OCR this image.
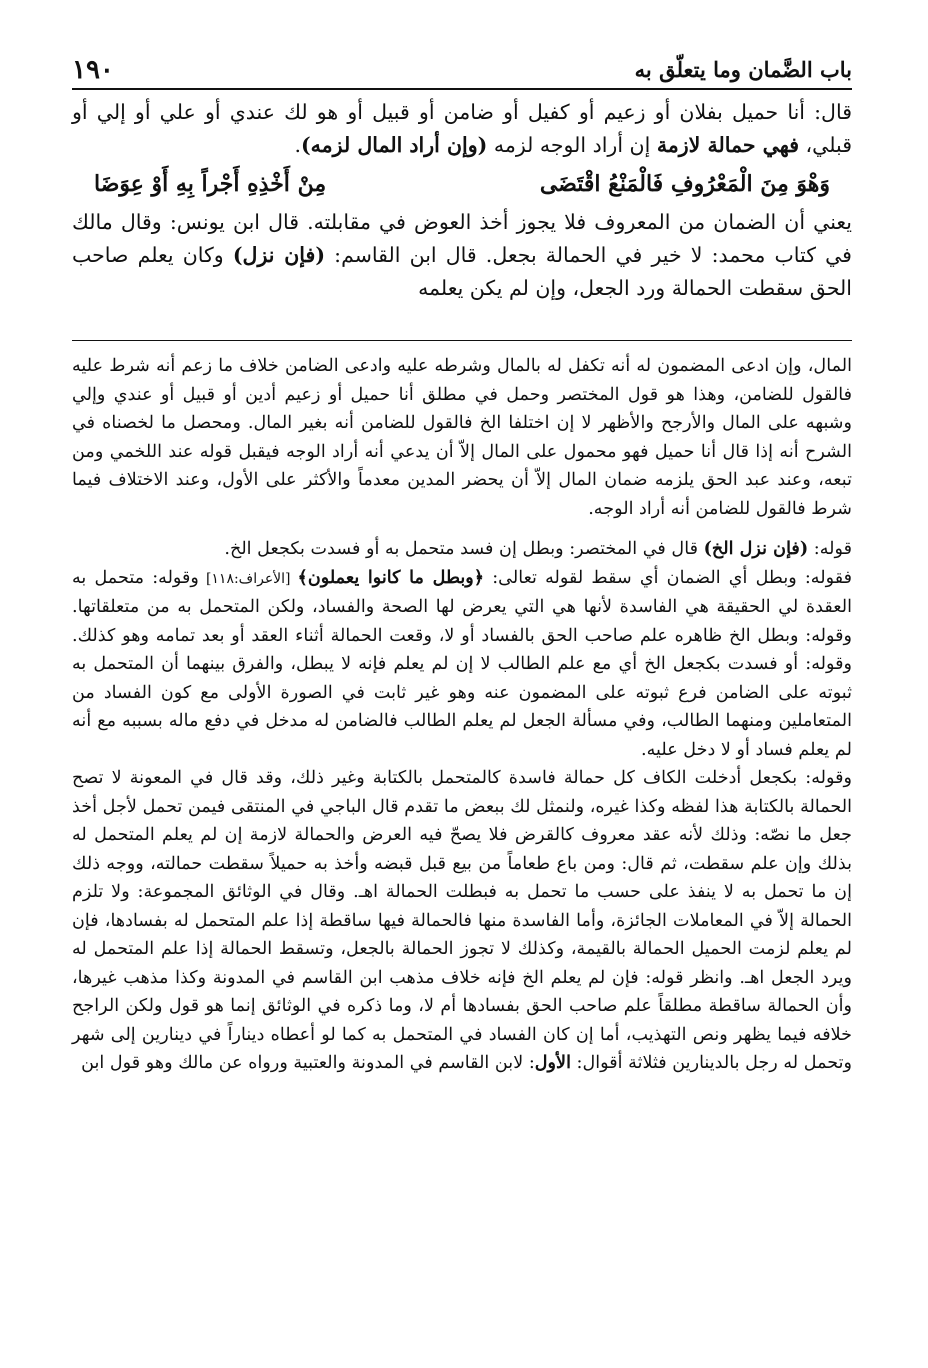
باب الضَّمان وما يتعلّق به
١٩٠

قال: أنا حميل بفلان أو زعيم أو كفيل أو ضامن أو قبيل أو هو لك عندي أو علي أو إلي أو قبلي، فهي حمالة لازمة إن أراد الوجه لزمه (وإن أراد المال لزمه).

وَهْوَ مِنَ الْمَعْرُوفِ فَالْمَنْعُ اقْتَضَى
مِنْ أَخْذِهِ أَجْراً بِهِ أَوْ عِوَضَا

يعني أن الضمان من المعروف فلا يجوز أخذ العوض في مقابلته. قال ابن يونس: وقال مالك في كتاب محمد: لا خير في الحمالة بجعل. قال ابن القاسم: (فإن نزل) وكان يعلم صاحب الحق سقطت الحمالة ورد الجعل، وإن لم يكن يعلمه

المال، وإن ادعى المضمون له أنه تكفل له بالمال وشرطه عليه وادعى الضامن خلاف ما زعم أنه شرط عليه فالقول للضامن، وهذا هو قول المختصر وحمل في مطلق أنا حميل أو زعيم أدين أو قبيل أو عندي وإلي وشبهه على المال والأرجح والأظهر لا إن اختلفا الخ فالقول للضامن أنه بغير المال. ومحصل ما لخصناه في الشرح أنه إذا قال أنا حميل فهو محمول على المال إلاّ أن يدعي أنه أراد الوجه فيقبل قوله عند اللخمي ومن تبعه، وعند عبد الحق يلزمه ضمان المال إلاّ أن يحضر المدين معدماً والأكثر على الأول، وعند الاختلاف فيما شرط فالقول للضامن أنه أراد الوجه.

قوله: (فإن نزل الخ) قال في المختصر: وبطل إن فسد متحمل به أو فسدت بكجعل الخ.

فقوله: وبطل أي الضمان أي سقط لقوله تعالى: ﴿وبطل ما كانوا يعملون﴾ [الأعراف:١١٨] وقوله: متحمل به العقدة لي الحقيقة هي الفاسدة لأنها هي التي يعرض لها الصحة والفساد، ولكن المتحمل به من متعلقاتها. وقوله: وبطل الخ ظاهره علم صاحب الحق بالفساد أو لا، وقعت الحمالة أثناء العقد أو بعد تمامه وهو كذلك. وقوله: أو فسدت بكجعل الخ أي مع علم الطالب لا إن لم يعلم فإنه لا يبطل، والفرق بينهما أن المتحمل به ثبوته على الضامن فرع ثبوته على المضمون عنه وهو غير ثابت في الصورة الأولى مع كون الفساد من المتعاملين ومنهما الطالب، وفي مسألة الجعل لم يعلم الطالب فالضامن له مدخل في دفع ماله بسببه مع أنه لم يعلم فساد أو لا دخل عليه.

وقوله: بكجعل أدخلت الكاف كل حمالة فاسدة كالمتحمل بالكتابة وغير ذلك، وقد قال في المعونة لا تصح الحمالة بالكتابة هذا لفظه وكذا غيره، ولنمثل لك ببعض ما تقدم قال الباجي في المنتقى فيمن تحمل لأجل أخذ جعل ما نصّه: وذلك لأنه عقد معروف كالقرض فلا يصحّ فيه العرض والحمالة لازمة إن لم يعلم المتحمل له بذلك وإن علم سقطت، ثم قال: ومن باع طعاماً من بيع قبل قبضه وأخذ به حميلاً سقطت حمالته، ووجه ذلك إن ما تحمل به لا ينفذ على حسب ما تحمل به فبطلت الحمالة اهـ. وقال في الوثائق المجموعة: ولا تلزم الحمالة إلاّ في المعاملات الجائزة، وأما الفاسدة منها فالحمالة فيها ساقطة إذا علم المتحمل له بفسادها، فإن لم يعلم لزمت الحميل الحمالة بالقيمة، وكذلك لا تجوز الحمالة بالجعل، وتسقط الحمالة إذا علم المتحمل له ويرد الجعل اهـ. وانظر قوله: فإن لم يعلم الخ فإنه خلاف مذهب ابن القاسم في المدونة وكذا مذهب غيرها، وأن الحمالة ساقطة مطلقاً علم صاحب الحق بفسادها أم لا، وما ذكره في الوثائق إنما هو قول ولكن الراجح خلافه فيما يظهر ونص التهذيب، أما إن كان الفساد في المتحمل به كما لو أعطاه ديناراً في دينارين إلى شهر وتحمل له رجل بالدينارين فثلاثة أقوال: الأول: لابن القاسم في المدونة والعتبية ورواه عن مالك وهو قول ابن
